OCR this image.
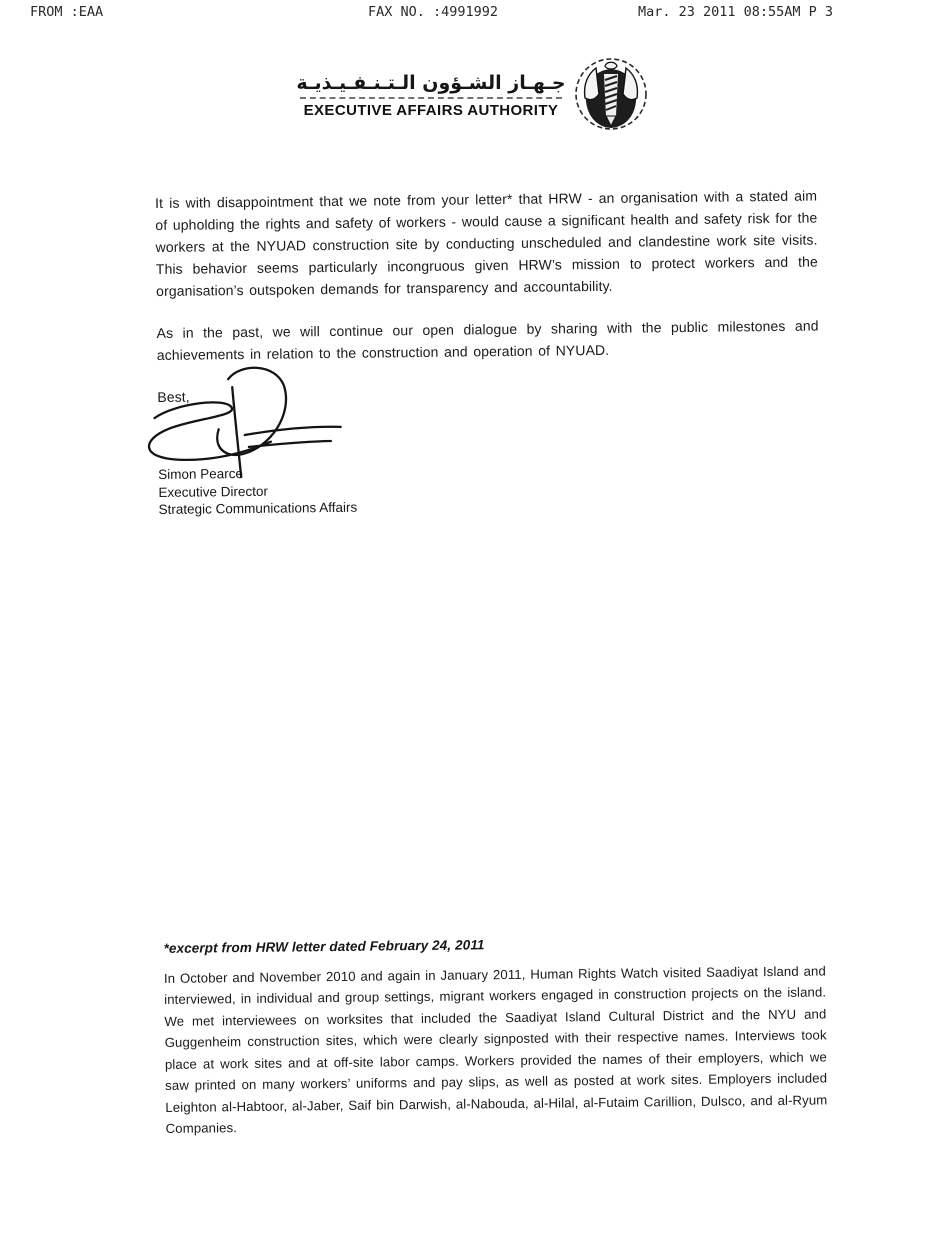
FROM :EAA	FAX NO. :4991992	Mar. 23 2011 08:55AM P 3
جـهـاز الشـؤون الـتـنـفـيـذيـة
EXECUTIVE AFFAIRS AUTHORITY

It is with disappointment that we note from your letter* that HRW - an organisation with a stated aim of upholding the rights and safety of workers - would cause a significant health and safety risk for the workers at the NYUAD construction site by conducting unscheduled and clandestine work site visits. This behavior seems particularly incongruous given HRW’s mission to protect workers and the organisation’s outspoken demands for transparency and accountability.

As in the past, we will continue our open dialogue by sharing with the public milestones and achievements in relation to the construction and operation of NYUAD.

Best,

Simon Pearce
Executive Director
Strategic Communications Affairs
*excerpt from HRW letter dated February 24, 2011

In October and November 2010 and again in January 2011, Human Rights Watch visited Saadiyat Island and interviewed, in individual and group settings, migrant workers engaged in construction projects on the island. We met interviewees on worksites that included the Saadiyat Island Cultural District and the NYU and Guggenheim construction sites, which were clearly signposted with their respective names. Interviews took place at work sites and at off-site labor camps. Workers provided the names of their employers, which we saw printed on many workers’ uniforms and pay slips, as well as posted at work sites. Employers included Leighton al-Habtoor, al-Jaber, Saif bin Darwish, al-Nabouda, al-Hilal, al-Futaim Carillion, Dulsco, and al-Ryum Companies.
